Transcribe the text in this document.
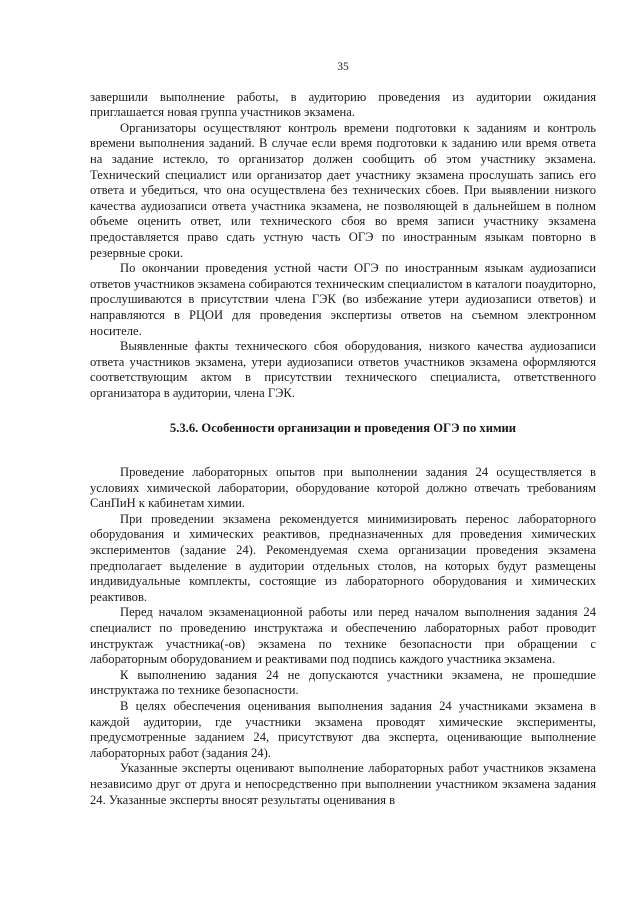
35

завершили выполнение работы, в аудиторию проведения из аудитории ожидания приглашается новая группа участников экзамена.

Организаторы осуществляют контроль времени подготовки к заданиям и контроль времени выполнения заданий. В случае если время подготовки к заданию или время ответа на задание истекло, то организатор должен сообщить об этом участнику экзамена. Технический специалист или организатор дает участнику экзамена прослушать запись его ответа и убедиться, что она осуществлена без технических сбоев. При выявлении низкого качества аудиозаписи ответа участника экзамена, не позволяющей в дальнейшем в полном объеме оценить ответ, или технического сбоя во время записи участнику экзамена предоставляется право сдать устную часть ОГЭ по иностранным языкам повторно в резервные сроки.

По окончании проведения устной части ОГЭ по иностранным языкам аудиозаписи ответов участников экзамена собираются техническим специалистом в каталоги поаудиторно, прослушиваются в присутствии члена ГЭК (во избежание утери аудиозаписи ответов) и направляются в РЦОИ для проведения экспертизы ответов на съемном электронном носителе.

Выявленные факты технического сбоя оборудования, низкого качества аудиозаписи ответа участников экзамена, утери аудиозаписи ответов участников экзамена оформляются соответствующим актом в присутствии технического специалиста, ответственного организатора в аудитории, члена ГЭК.

5.3.6. Особенности организации и проведения ОГЭ по химии

Проведение лабораторных опытов при выполнении задания 24 осуществляется в условиях химической лаборатории, оборудование которой должно отвечать требованиям СанПиН к кабинетам химии.

При проведении экзамена рекомендуется минимизировать перенос лабораторного оборудования и химических реактивов, предназначенных для проведения химических экспериментов (задание 24). Рекомендуемая схема организации проведения экзамена предполагает выделение в аудитории отдельных столов, на которых будут размещены индивидуальные комплекты, состоящие из лабораторного оборудования и химических реактивов.

Перед началом экзаменационной работы или перед началом выполнения задания 24 специалист по проведению инструктажа и обеспечению лабораторных работ проводит инструктаж участника(-ов) экзамена по технике безопасности при обращении с лабораторным оборудованием и реактивами под подпись каждого участника экзамена.

К выполнению задания 24 не допускаются участники экзамена, не прошедшие инструктажа по технике безопасности.

В целях обеспечения оценивания выполнения задания 24 участниками экзамена в каждой аудитории, где участники экзамена проводят химические эксперименты, предусмотренные заданием 24, присутствуют два эксперта, оценивающие выполнение лабораторных работ (задания 24).

Указанные эксперты оценивают выполнение лабораторных работ участников экзамена независимо друг от друга и непосредственно при выполнении участником экзамена задания 24. Указанные эксперты вносят результаты оценивания в
